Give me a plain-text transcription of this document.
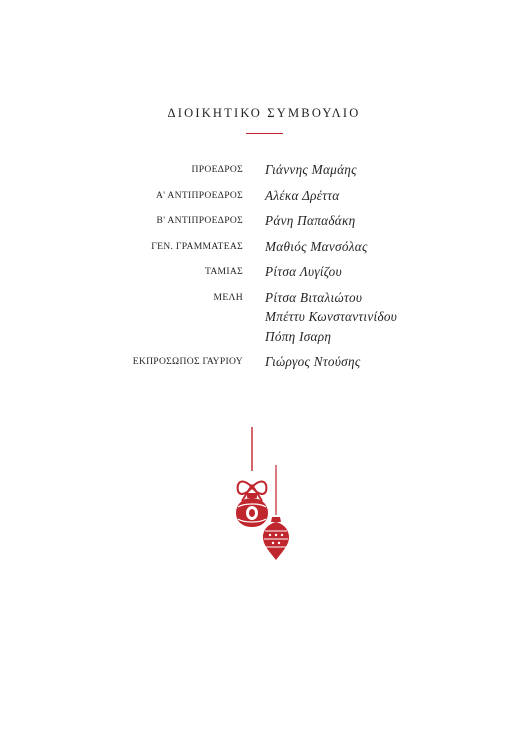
ΔΙΟΙΚΗΤΙΚΟ ΣΥΜΒΟΥΛΙΟ
ΠΡΟΕΔΡΟΣ Γιάννης Μαμάης
Α' ΑΝΤΙΠΡΟΕΔΡΟΣ Αλέκα Δρέττα
Β' ΑΝΤΙΠΡΟΕΔΡΟΣ Ράνη Παπαδάκη
ΓΕΝ. ΓΡΑΜΜΑΤΕΑΣ Μαθιός Μανσόλας
ΤΑΜΙΑΣ Ρίτσα Λυγίζου
ΜΕΛΗ Ρίτσα Βιταλιώτου
Μπέττυ Κωνσταντινίδου
Πόπη Ισαρη
ΕΚΠΡΟΣΩΠΟΣ ΓΑΥΡΙΟΥ Γιώργος Ντούσης
